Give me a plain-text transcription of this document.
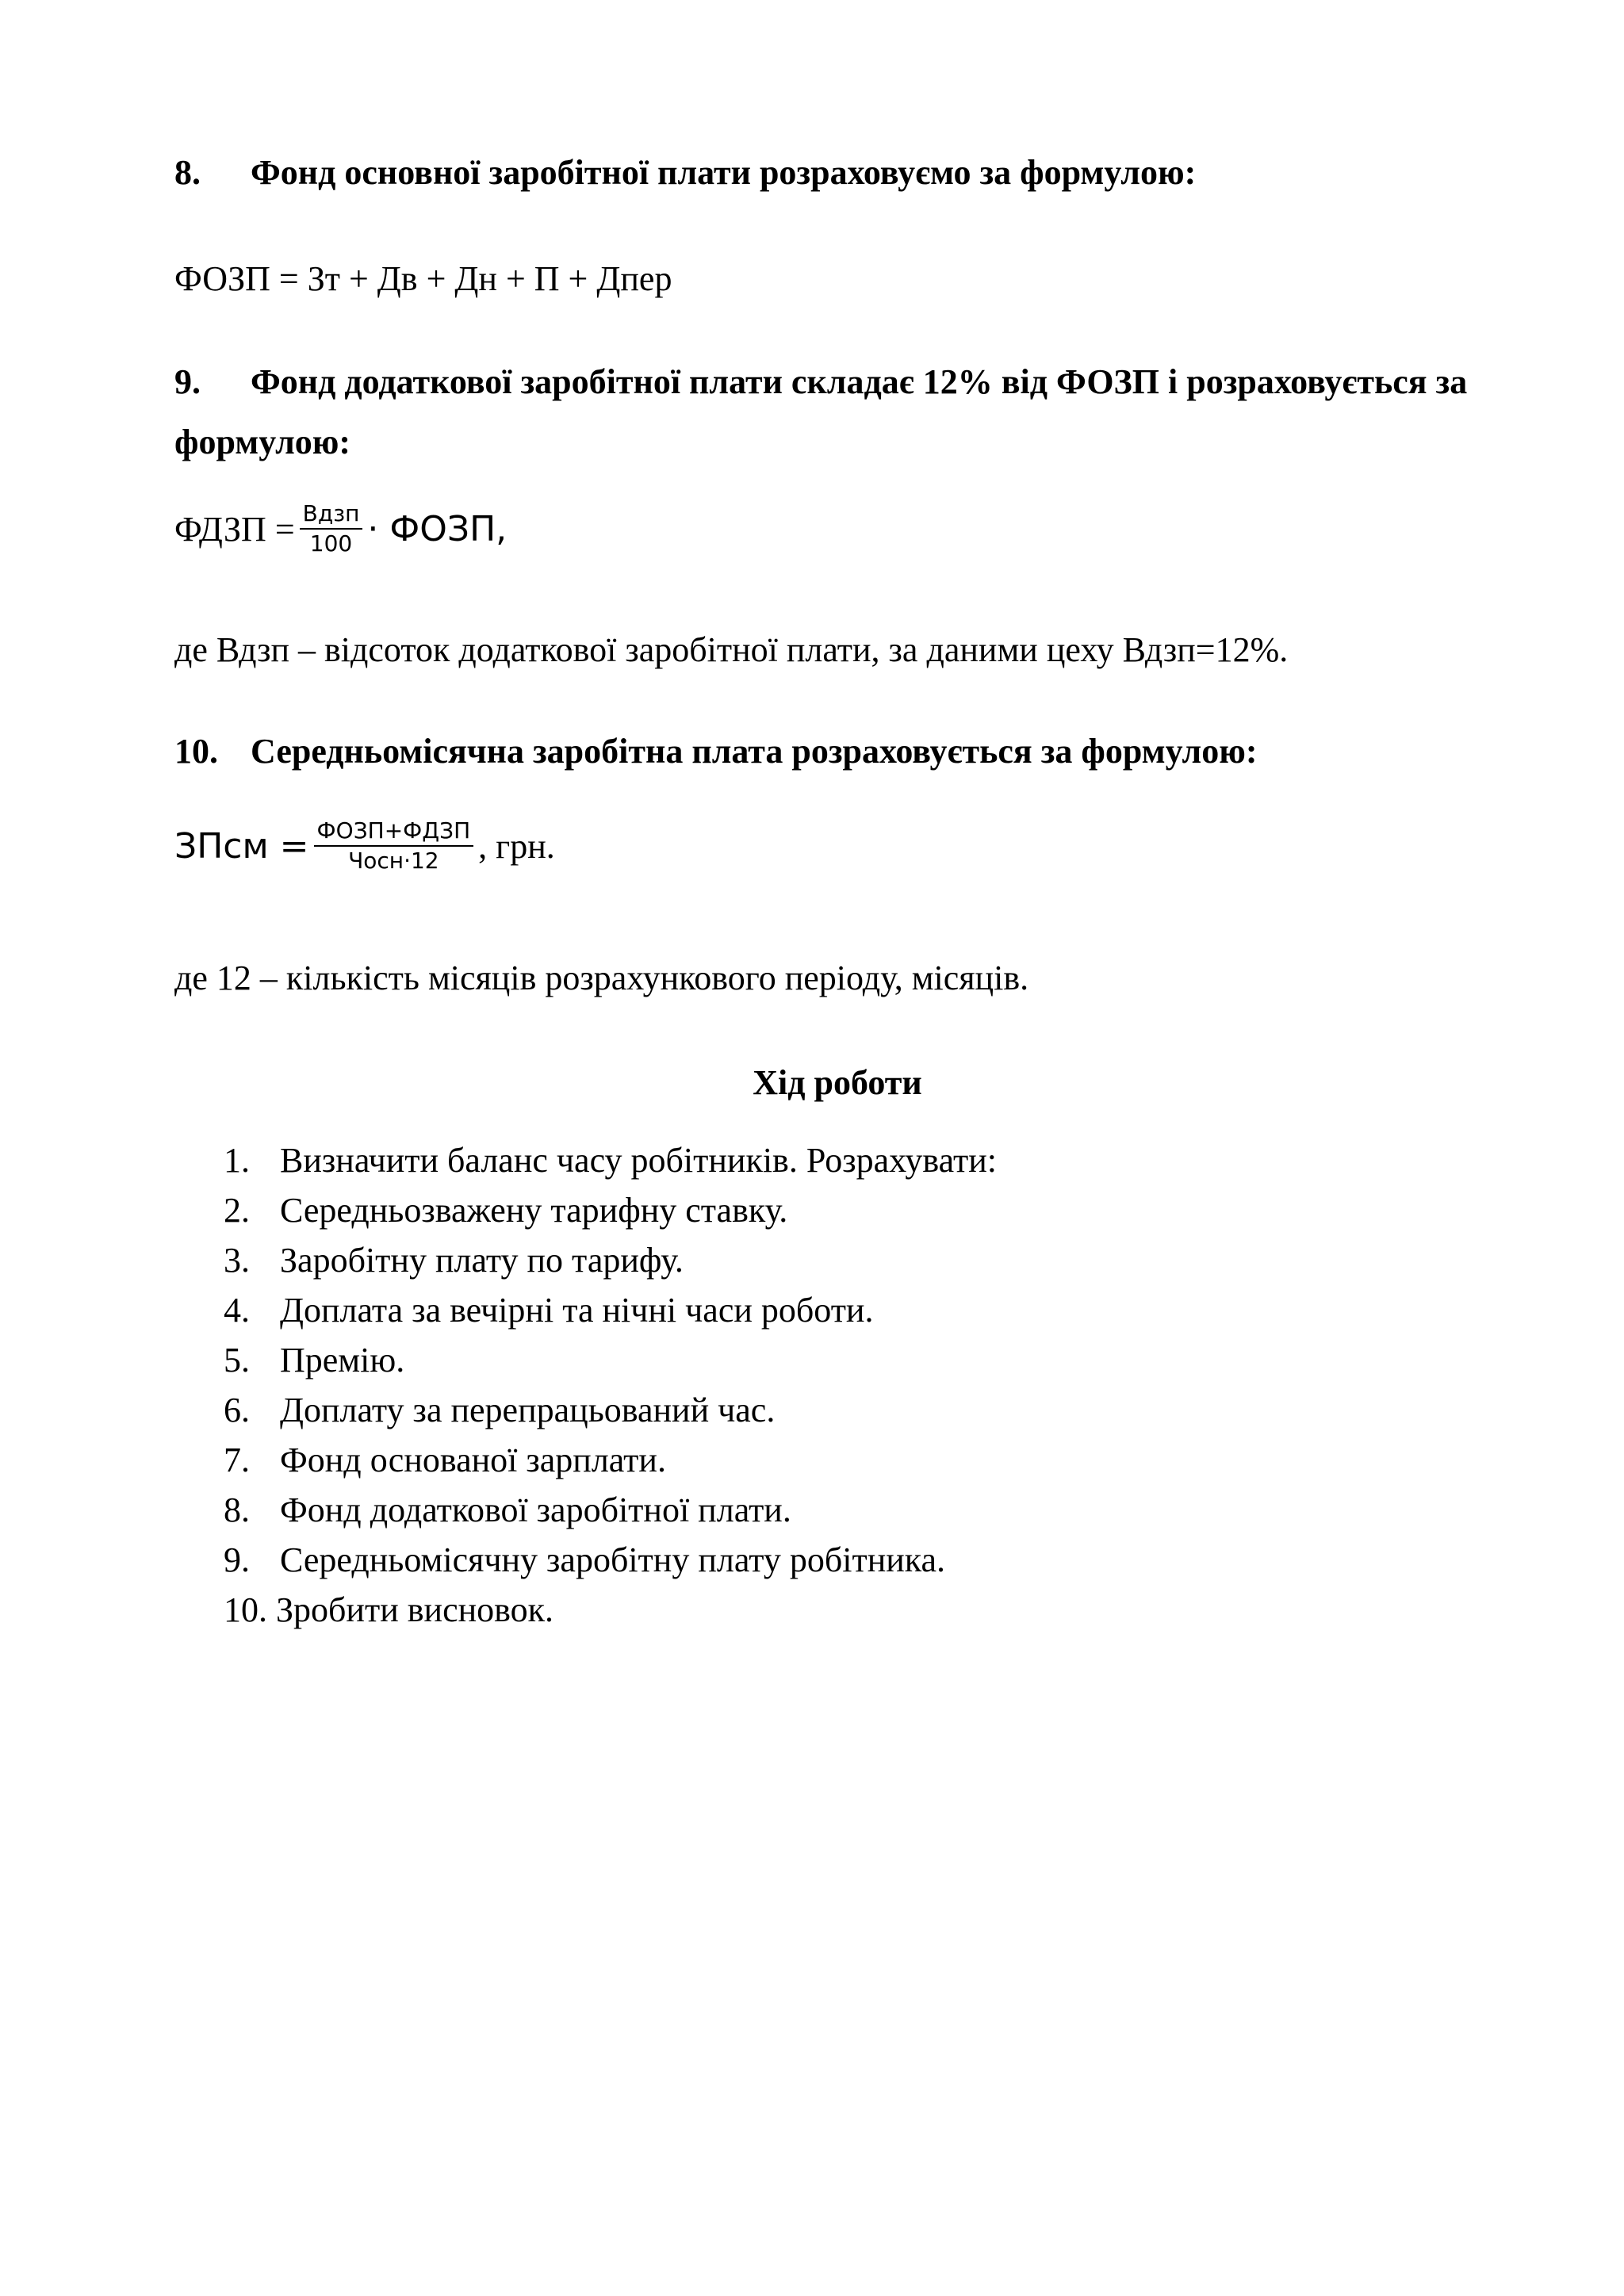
8. Фонд основної заробітної плати розраховуємо за формулою:
ФОЗП = Зт + Дв + Дн + П + Дпер
9. Фонд додаткової заробітної плати складає 12% від ФОЗП і розраховується за формулою:
ФДЗП = $\frac{\text{Вдзп}}{100}$ · ФОЗП,
де Вдзп – відсоток додаткової заробітної плати, за даними цеху Вдзп=12%.
10. Середньомісячна заробітна плата розраховується за формулою:
ЗПсм = $\frac{\text{ФОЗП+ФДЗП}}{\text{Чосн·12}}$ , грн.
де 12 – кількість місяців розрахункового періоду, місяців.
Хід роботи
1. Визначити баланс часу робітників. Розрахувати:
2. Середньозважену тарифну ставку.
3. Заробітну плату по тарифу.
4. Доплата за вечірні та нічні часи роботи.
5. Премію.
6. Доплату за перепрацьований час.
7. Фонд основаної зарплати.
8. Фонд додаткової заробітної плати.
9. Середньомісячну заробітну плату робітника.
10. Зробити висновок.
